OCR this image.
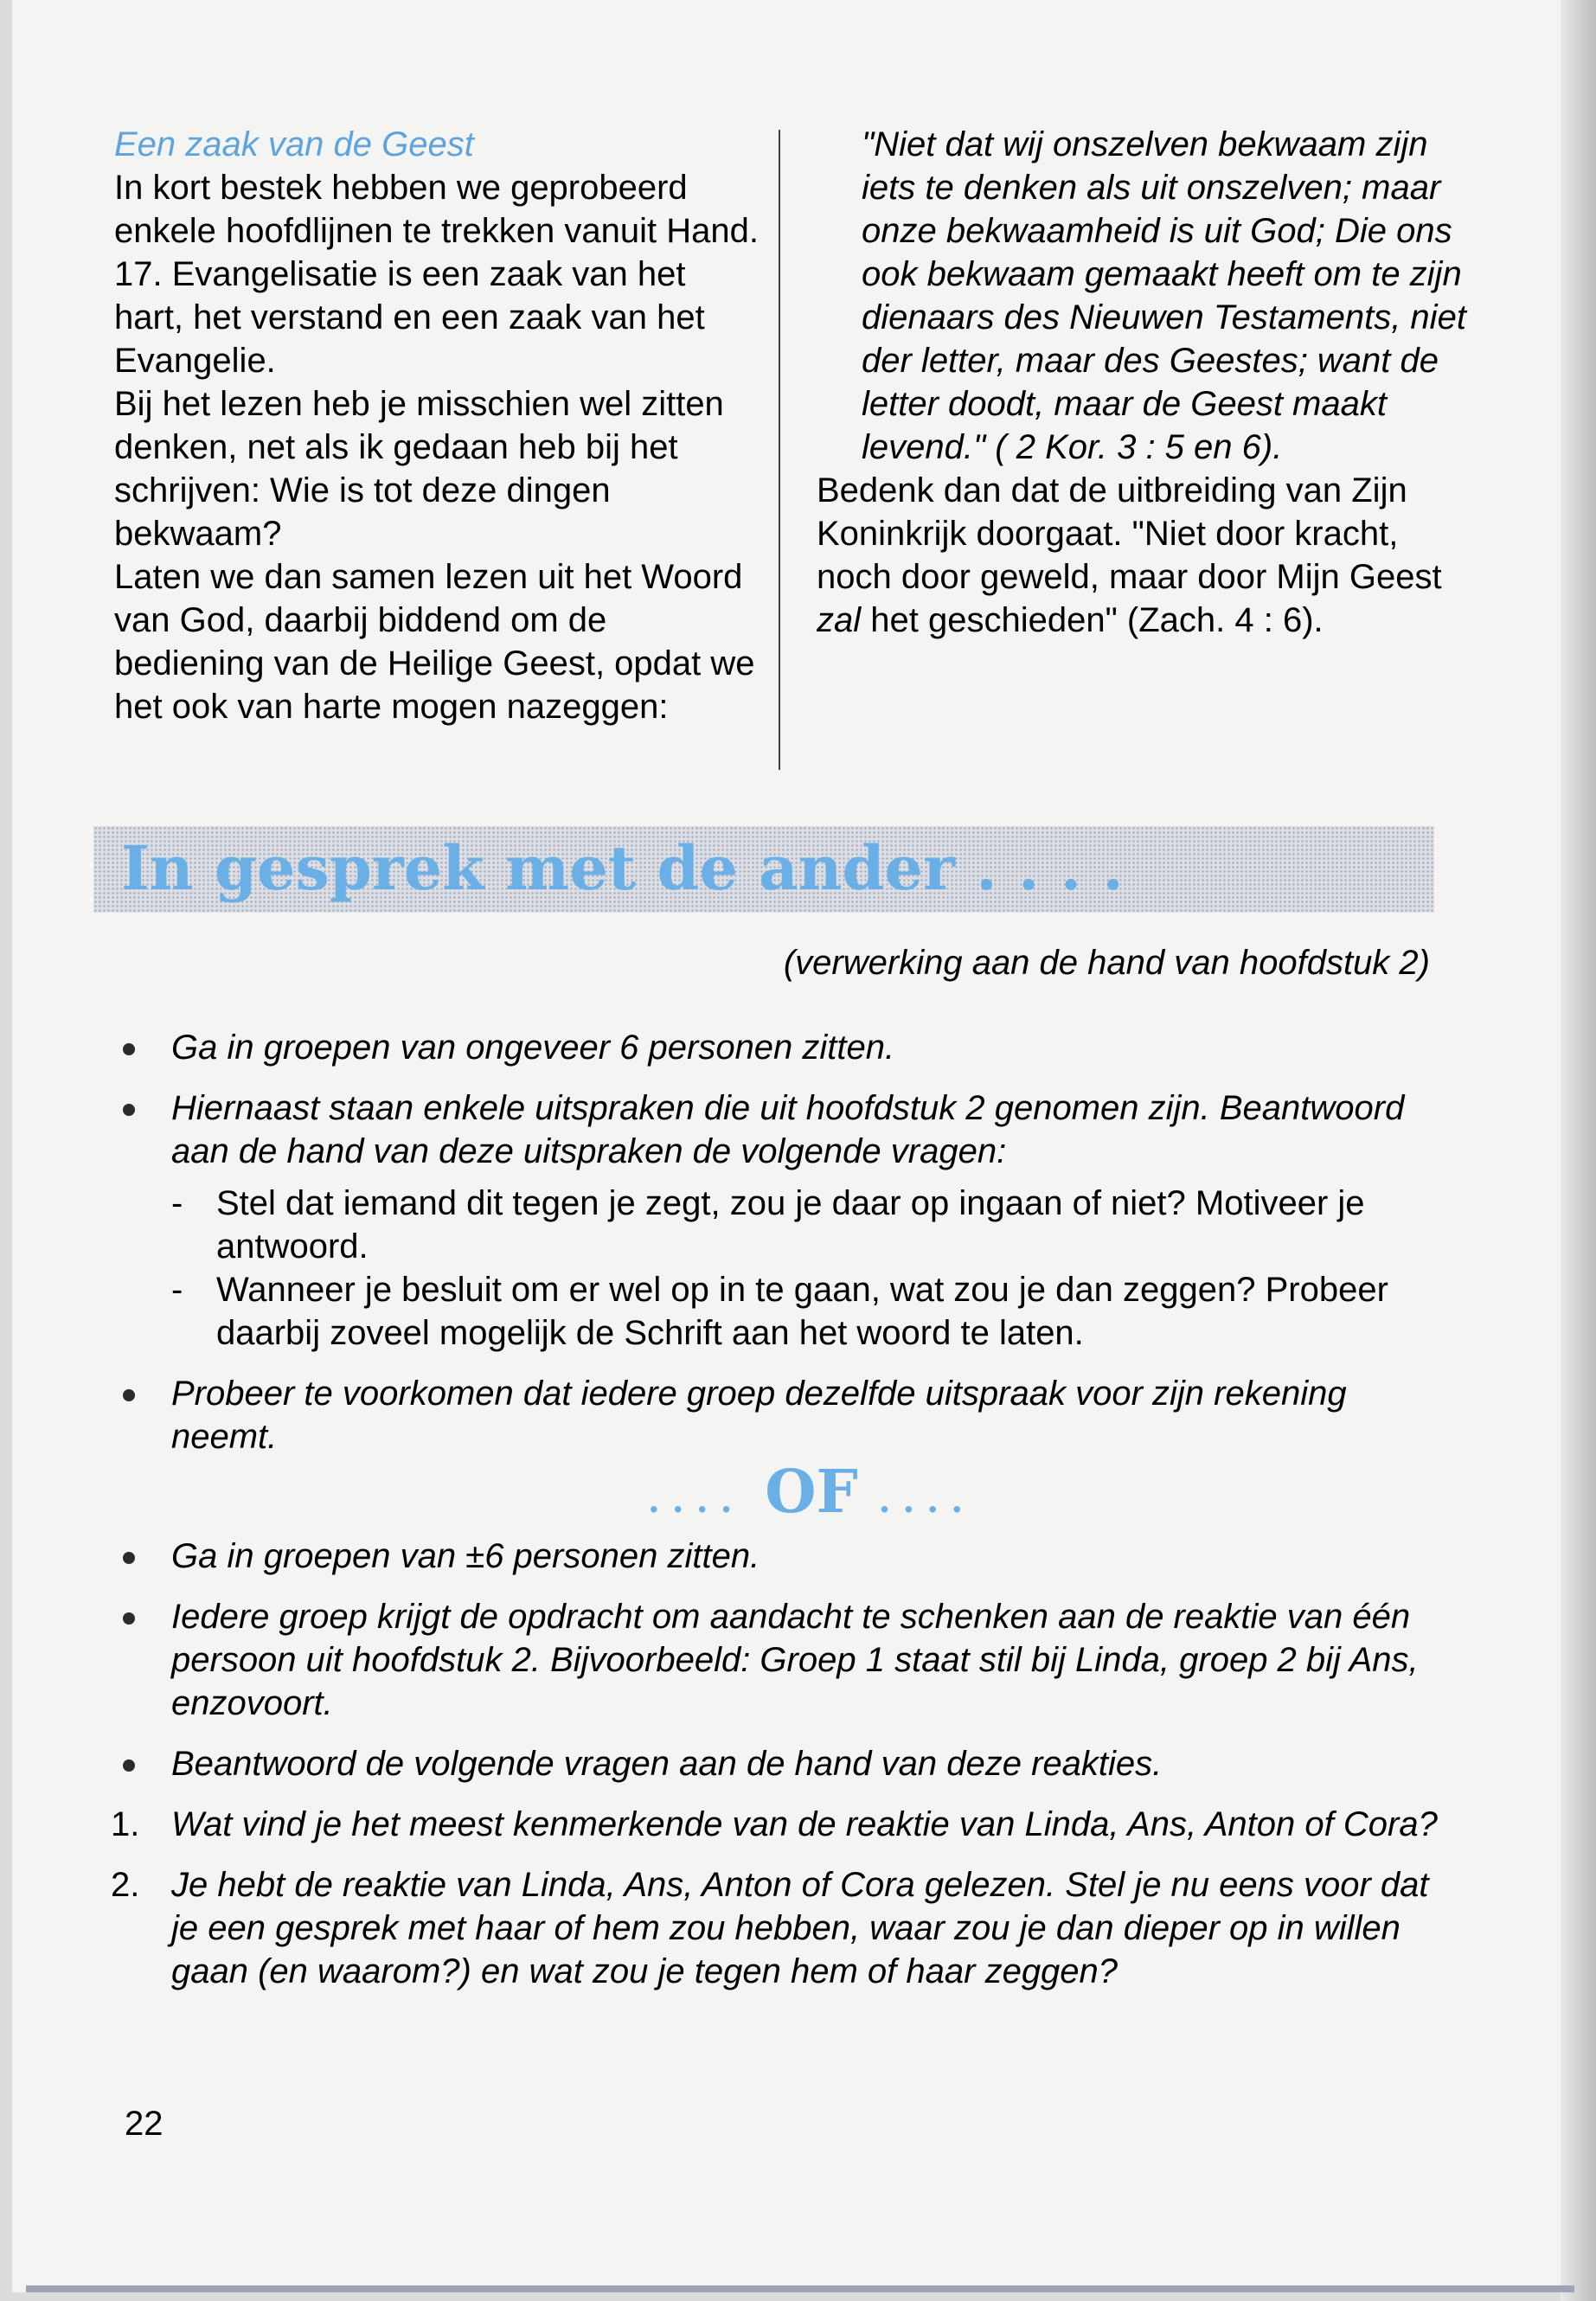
Een zaak van de Geest

In kort bestek hebben we geprobeerd enkele hoofdlijnen te trekken vanuit Hand. 17. Evangelisatie is een zaak van het hart, het verstand en een zaak van het Evangelie.

Bij het lezen heb je misschien wel zitten denken, net als ik gedaan heb bij het schrijven: Wie is tot deze dingen bekwaam?

Laten we dan samen lezen uit het Woord van God, daarbij biddend om de bediening van de Heilige Geest, opdat we het ook van harte mogen nazeggen:

"Niet dat wij onszelven bekwaam zijn iets te denken als uit onszelven; maar onze bekwaamheid is uit God; Die ons ook bekwaam gemaakt heeft om te zijn dienaars des Nieuwen Testaments, niet der letter, maar des Geestes; want de letter doodt, maar de Geest maakt levend." ( 2 Kor. 3 : 5 en 6).

Bedenk dan dat de uitbreiding van Zijn Koninkrijk doorgaat. "Niet door kracht, noch door geweld, maar door Mijn Geest zal het geschieden" (Zach. 4 : 6).

In gesprek met de ander . . . .
(verwerking aan de hand van hoofdstuk 2)
Ga in groepen van ongeveer 6 personen zitten.
Hiernaast staan enkele uitspraken die uit hoofdstuk 2 genomen zijn. Beantwoord aan de hand van deze uitspraken de volgende vragen:
- Stel dat iemand dit tegen je zegt, zou je daar op ingaan of niet? Motiveer je antwoord.
- Wanneer je besluit om er wel op in te gaan, wat zou je dan zeggen? Probeer daarbij zoveel mogelijk de Schrift aan het woord te laten.
Probeer te voorkomen dat iedere groep dezelfde uitspraak voor zijn rekening neemt.
.... OF ....
Ga in groepen van ±6 personen zitten.
Iedere groep krijgt de opdracht om aandacht te schenken aan de reaktie van één persoon uit hoofdstuk 2. Bijvoorbeeld: Groep 1 staat stil bij Linda, groep 2 bij Ans, enzovoort.
Beantwoord de volgende vragen aan de hand van deze reakties.
1. Wat vind je het meest kenmerkende van de reaktie van Linda, Ans, Anton of Cora?
2. Je hebt de reaktie van Linda, Ans, Anton of Cora gelezen. Stel je nu eens voor dat je een gesprek met haar of hem zou hebben, waar zou je dan dieper op in willen gaan (en waarom?) en wat zou je tegen hem of haar zeggen?
22
